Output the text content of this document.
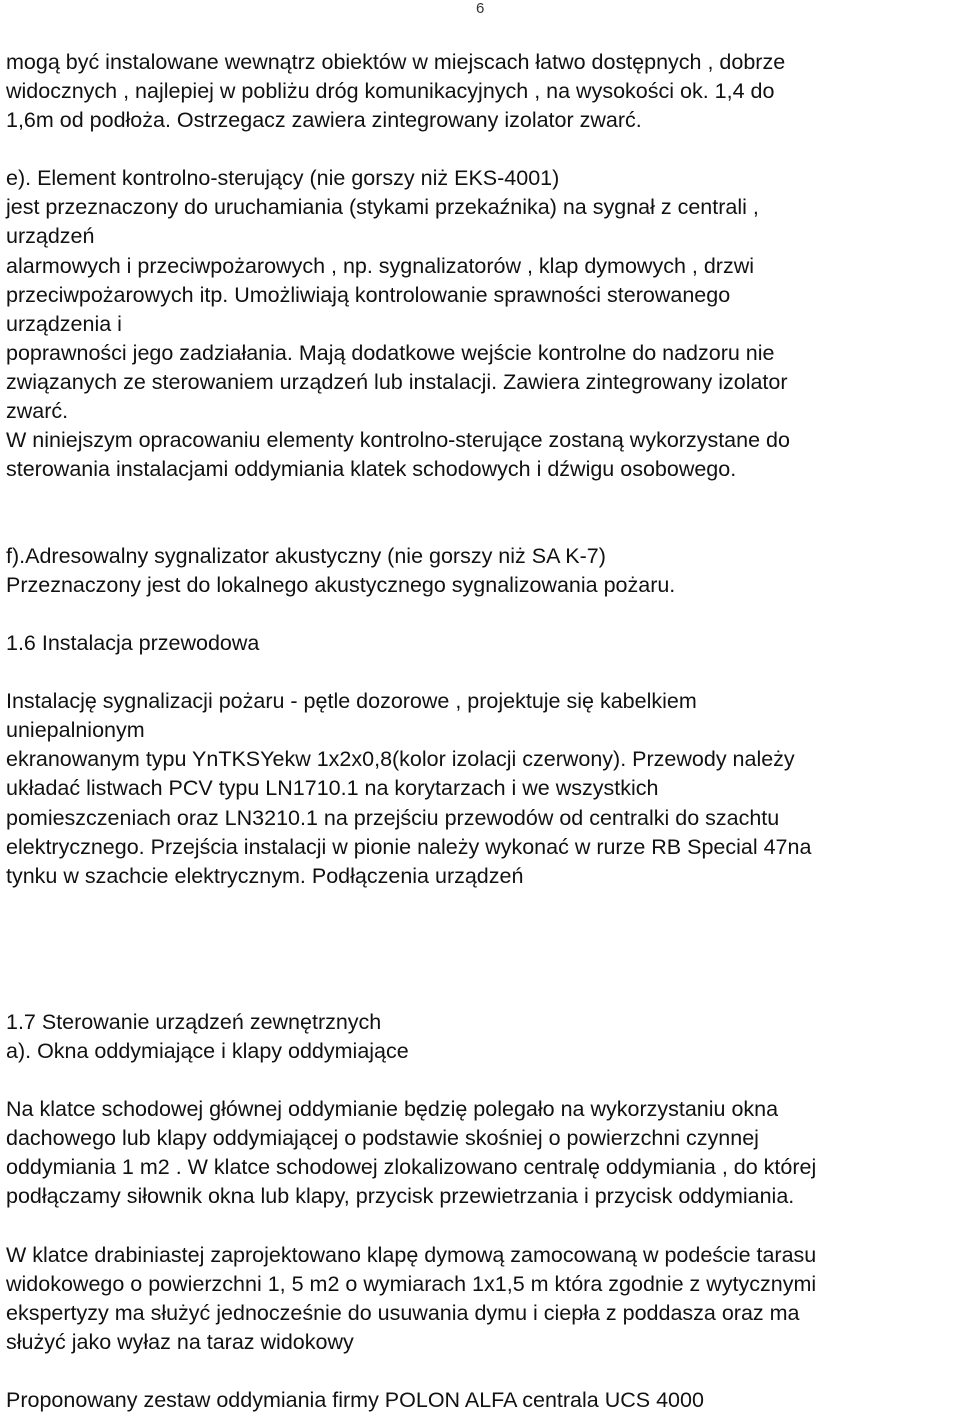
6
mogą być instalowane wewnątrz obiektów w miejscach łatwo dostępnych , dobrze
widocznych , najlepiej w pobliżu dróg komunikacyjnych , na wysokości ok. 1,4 do
1,6m od podłoża. Ostrzegacz zawiera zintegrowany izolator zwarć.
e). Element kontrolno-sterujący (nie gorszy niż EKS-4001)
jest przeznaczony do uruchamiania (stykami przekaźnika) na sygnał z centrali ,
urządzeń
alarmowych i przeciwpożarowych , np. sygnalizatorów , klap dymowych , drzwi
przeciwpożarowych itp. Umożliwiają kontrolowanie sprawności sterowanego
urządzenia i
poprawności jego zadziałania. Mają dodatkowe wejście kontrolne do nadzoru nie
związanych ze sterowaniem urządzeń lub instalacji. Zawiera zintegrowany izolator
zwarć.
W niniejszym opracowaniu elementy kontrolno-sterujące zostaną wykorzystane do
sterowania instalacjami oddymiania klatek schodowych i dźwigu osobowego.
f).Adresowalny sygnalizator akustyczny (nie gorszy niż SA K-7)
Przeznaczony jest do lokalnego akustycznego sygnalizowania pożaru.
1.6 Instalacja przewodowa
Instalację sygnalizacji pożaru - pętle dozorowe , projektuje się kabelkiem
uniepalnionym
ekranowanym typu YnTKSYekw 1x2x0,8(kolor izolacji czerwony). Przewody należy
układać listwach PCV typu LN1710.1 na korytarzach i we wszystkich
pomieszczeniach oraz LN3210.1 na przejściu przewodów od centralki do szachtu
elektrycznego. Przejścia instalacji w pionie należy wykonać w rurze RB Special 47na
tynku w szachcie elektrycznym. Podłączenia urządzeń
1.7 Sterowanie urządzeń zewnętrznych
a). Okna oddymiające i klapy oddymiające
Na klatce schodowej głównej oddymianie będzię polegało na wykorzystaniu okna
dachowego lub klapy oddymiającej o podstawie skośniej o powierzchni czynnej
oddymiania 1 m2 . W klatce schodowej zlokalizowano centralę oddymiania , do której
podłączamy siłownik okna lub klapy, przycisk przewietrzania i przycisk oddymiania.
W klatce drabiniastej zaprojektowano klapę dymową zamocowaną w podeście tarasu
widokowego o powierzchni 1, 5 m2 o wymiarach 1x1,5 m która zgodnie z wytycznymi
ekspertyzy ma służyć jednocześnie do usuwania dymu i ciepła z poddasza oraz ma
służyć jako wyłaz na taraz widokowy
Proponowany zestaw oddymiania firmy POLON ALFA centrala UCS 4000
